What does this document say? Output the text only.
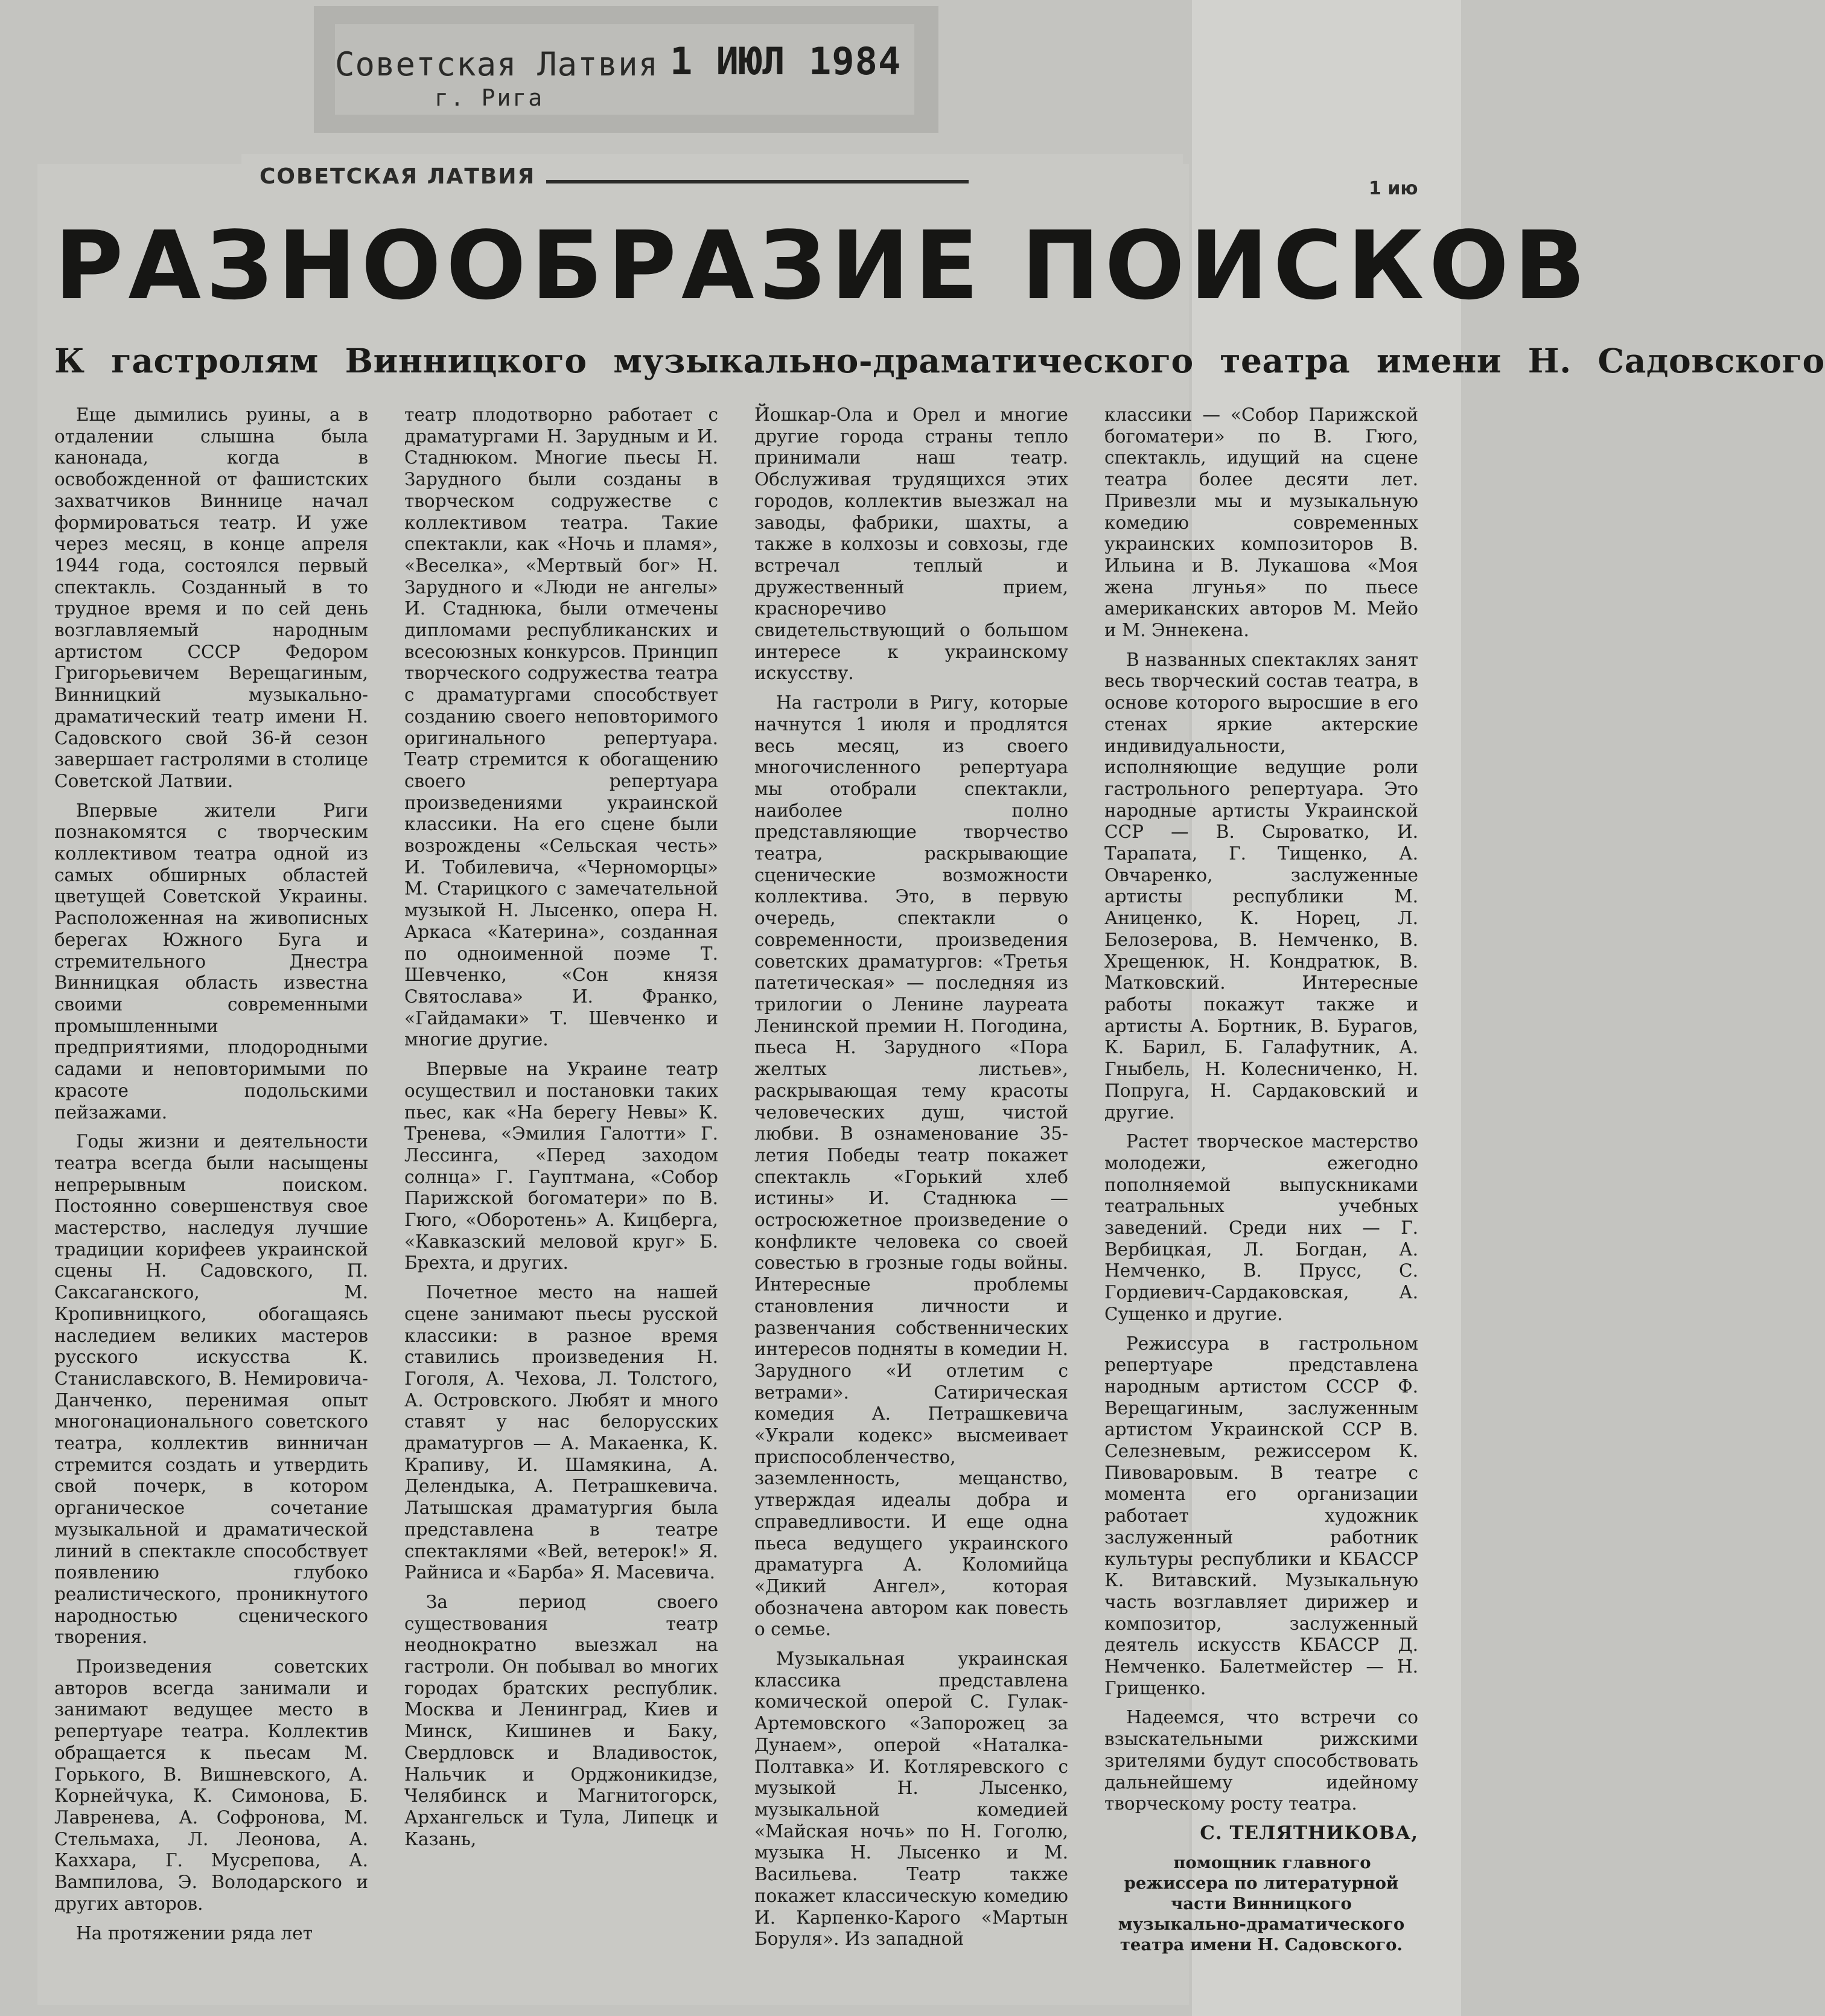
Советская Латвия
г. Рига
1 ИЮЛ 1984
СОВЕТСКАЯ ЛАТВИЯ	1 ию
РАЗНООБРАЗИЕ ПОИСКОВ
К гастролям Винницкого музыкально-драматического театра имени Н. Садовского

Еще дымились руины, а в отдалении слышна была канонада, когда в освобожденной от фашистских захватчиков Виннице начал формироваться театр. И уже через месяц, в конце апреля 1944 года, состоялся первый спектакль. Созданный в то трудное время и по сей день возглавляемый народным артистом СССР Федором Григорьевичем Верещагиным, Винницкий музыкально-драматический театр имени Н. Садовского свой 36-й сезон завершает гастролями в столице Советской Латвии.

Впервые жители Риги познакомятся с творческим коллективом театра одной из самых обширных областей цветущей Советской Украины. Расположенная на живописных берегах Южного Буга и стремительного Днестра Винницкая область известна своими современными промышленными предприятиями, плодородными садами и неповторимыми по красоте подольскими пейзажами.

Годы жизни и деятельности театра всегда были насыщены непрерывным поиском. Постоянно совершенствуя свое мастерство, наследуя лучшие традиции корифеев украинской сцены Н. Садовского, П. Саксаганского, М. Кропивницкого, обогащаясь наследием великих мастеров русского искусства К. Станиславского, В. Немировича-Данченко, перенимая опыт многонационального советского театра, коллектив винничан стремится создать и утвердить свой почерк, в котором органическое сочетание музыкальной и драматической линий в спектакле способствует появлению глубоко реалистического, проникнутого народностью сценического творения.

Произведения советских авторов всегда занимали и занимают ведущее место в репертуаре театра. Коллектив обращается к пьесам М. Горького, В. Вишневского, А. Корнейчука, К. Симонова, Б. Лавренева, А. Софронова, М. Стельмаха, Л. Леонова, А. Каххара, Г. Мусрепова, А. Вампилова, Э. Володарского и других авторов.

На протяжении ряда лет

театр плодотворно работает с драматургами Н. Зарудным и И. Стаднюком. Многие пьесы Н. Зарудного были созданы в творческом содружестве с коллективом театра. Такие спектакли, как «Ночь и пламя», «Веселка», «Мертвый бог» Н. Зарудного и «Люди не ангелы» И. Стаднюка, были отмечены дипломами республиканских и всесоюзных конкурсов. Принцип творческого содружества театра с драматургами способствует созданию своего неповторимого оригинального репертуара. Театр стремится к обогащению своего репертуара произведениями украинской классики. На его сцене были возрождены «Сельская честь» И. Тобилевича, «Черноморцы» М. Старицкого с замечательной музыкой Н. Лысенко, опера Н. Аркаса «Катерина», созданная по одноименной поэме Т. Шевченко, «Сон князя Святослава» И. Франко, «Гайдамаки» Т. Шевченко и многие другие.

Впервые на Украине театр осуществил и постановки таких пьес, как «На берегу Невы» К. Тренева, «Эмилия Галотти» Г. Лессинга, «Перед заходом солнца» Г. Гауптмана, «Собор Парижской богоматери» по В. Гюго, «Оборотень» А. Кицберга, «Кавказский меловой круг» Б. Брехта, и других.

Почетное место на нашей сцене занимают пьесы русской классики: в разное время ставились произведения Н. Гоголя, А. Чехова, Л. Толстого, А. Островского. Любят и много ставят у нас белорусских драматургов — А. Макаенка, К. Крапиву, И. Шамякина, А. Делендыка, А. Петрашкевича. Латышская драматургия была представлена в театре спектаклями «Вей, ветерок!» Я. Райниса и «Барба» Я. Масевича.

За период своего существования театр неоднократно выезжал на гастроли. Он побывал во многих городах братских республик. Москва и Ленинград, Киев и Минск, Кишинев и Баку, Свердловск и Владивосток, Нальчик и Орджоникидзе, Челябинск и Магнитогорск, Архангельск и Тула, Липецк и Казань,

Йошкар-Ола и Орел и многие другие города страны тепло принимали наш театр. Обслуживая трудящихся этих городов, коллектив выезжал на заводы, фабрики, шахты, а также в колхозы и совхозы, где встречал теплый и дружественный прием, красноречиво свидетельствующий о большом интересе к украинскому искусству.

На гастроли в Ригу, которые начнутся 1 июля и продлятся весь месяц, из своего многочисленного репертуара мы отобрали спектакли, наиболее полно представляющие творчество театра, раскрывающие сценические возможности коллектива. Это, в первую очередь, спектакли о современности, произведения советских драматургов: «Третья патетическая» — последняя из трилогии о Ленине лауреата Ленинской премии Н. Погодина, пьеса Н. Зарудного «Пора желтых листьев», раскрывающая тему красоты человеческих душ, чистой любви. В ознаменование 35-летия Победы театр покажет спектакль «Горький хлеб истины» И. Стаднюка — остросюжетное произведение о конфликте человека со своей совестью в грозные годы войны. Интересные проблемы становления личности и развенчания собственнических интересов подняты в комедии Н. Зарудного «И отлетим с ветрами». Сатирическая комедия А. Петрашкевича «Украли кодекс» высмеивает приспособленчество, заземленность, мещанство, утверждая идеалы добра и справедливости. И еще одна пьеса ведущего украинского драматурга А. Коломийца «Дикий Ангел», которая обозначена автором как повесть о семье.

Музыкальная украинская классика представлена комической оперой С. Гулак-Артемовского «Запорожец за Дунаем», оперой «Наталка-Полтавка» И. Котляревского с музыкой Н. Лысенко, музыкальной комедией «Майская ночь» по Н. Гоголю, музыка Н. Лысенко и М. Васильева. Театр также покажет классическую комедию И. Карпенко-Карого «Мартын Боруля». Из западной

классики — «Собор Парижской богоматери» по В. Гюго, спектакль, идущий на сцене театра более десяти лет. Привезли мы и музыкальную комедию современных украинских композиторов В. Ильина и В. Лукашова «Моя жена лгунья» по пьесе американских авторов М. Мейо и М. Эннекена.

В названных спектаклях занят весь творческий состав театра, в основе которого выросшие в его стенах яркие актерские индивидуальности, исполняющие ведущие роли гастрольного репертуара. Это народные артисты Украинской ССР — В. Сыроватко, И. Тарапата, Г. Тищенко, А. Овчаренко, заслуженные артисты республики М. Аниценко, К. Норец, Л. Белозерова, В. Немченко, В. Хрещенюк, Н. Кондратюк, В. Матковский. Интересные работы покажут также и артисты А. Бортник, В. Бурагов, К. Барил, Б. Галафутник, А. Гныбель, Н. Колесниченко, Н. Попруга, Н. Сардаковский и другие.

Растет творческое мастерство молодежи, ежегодно пополняемой выпускниками театральных учебных заведений. Среди них — Г. Вербицкая, Л. Богдан, А. Немченко, В. Прусс, С. Гордиевич-Сардаковская, А. Сущенко и другие.

Режиссура в гастрольном репертуаре представлена народным артистом СССР Ф. Верещагиным, заслуженным артистом Украинской ССР В. Селезневым, режиссером К. Пивоваровым. В театре с момента его организации работает художник заслуженный работник культуры республики и КБАССР К. Витавский. Музыкальную часть возглавляет дирижер и композитор, заслуженный деятель искусств КБАССР Д. Немченко. Балетмейстер — Н. Грищенко.

Надеемся, что встречи со взыскательными рижскими зрителями будут способствовать дальнейшему идейному творческому росту театра.

С. ТЕЛЯТНИКОВА,

помощник главного режиссера по литературной части Винницкого музыкально-драматического театра имени Н. Садовского.
